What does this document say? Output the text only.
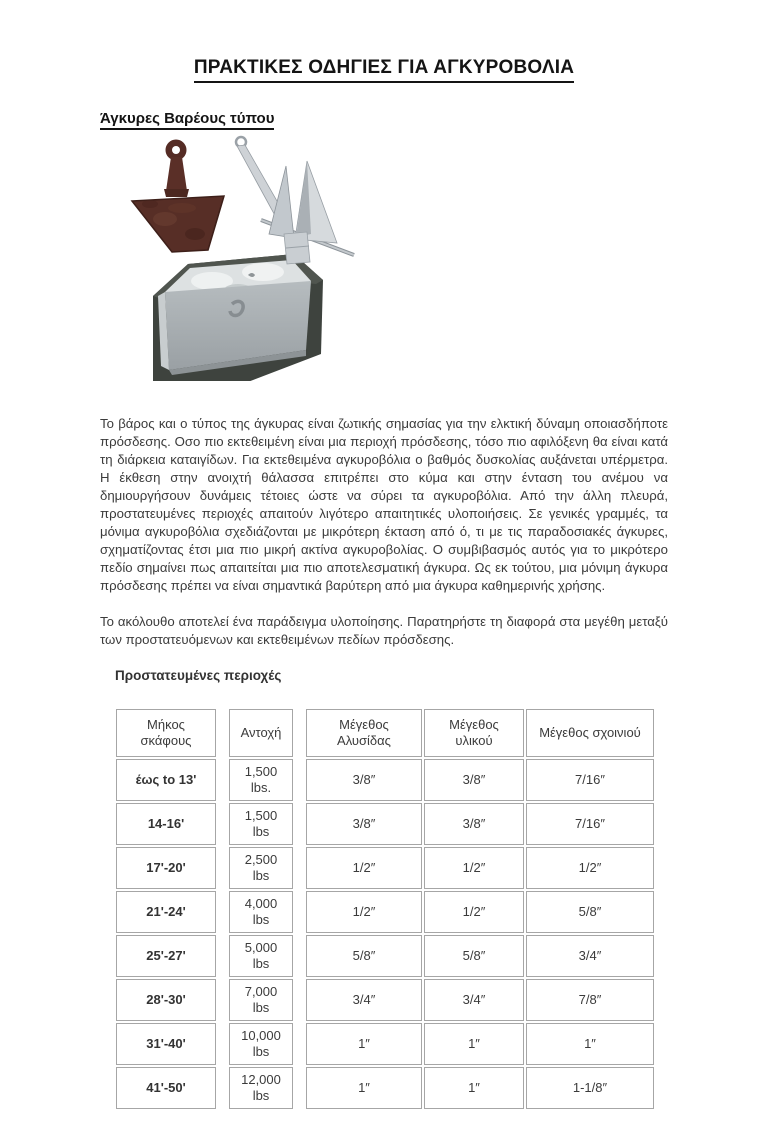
ΠΡΑΚΤΙΚΕΣ ΟΔΗΓΙΕΣ ΓΙΑ ΑΓΚΥΡΟΒΟΛΙΑ
Άγκυρες Βαρέους τύπου

Το βάρος και ο τύπος της άγκυρας είναι ζωτικής σημασίας για την ελκτική δύναμη οποιασδήποτε πρόσδεσης. Οσο πιο εκτεθειμένη είναι μια περιοχή πρόσδεσης, τόσο πιο αφιλόξενη θα είναι κατά τη διάρκεια καταιγίδων. Για εκτεθειμένα αγκυροβόλια ο βαθμός δυσκολίας αυξάνεται υπέρμετρα. Η έκθεση στην ανοιχτή θάλασσα επιτρέπει στο κύμα και στην ένταση του ανέμου να δημιουργήσουν δυνάμεις τέτοιες ώστε να σύρει τα αγκυροβόλια. Από την άλλη πλευρά, προστατευμένες περιοχές απαιτούν λιγότερο απαιτητικές υλοποιήσεις. Σε γενικές γραμμές, τα μόνιμα αγκυροβόλια σχεδιάζονται με μικρότερη έκταση από ό, τι με τις παραδοσιακές άγκυρες, σχηματίζοντας έτσι μια πιο μικρή ακτίνα αγκυροβολίας. Ο συμβιβασμός αυτός για το μικρότερο πεδίο σημαίνει πως απαιτείται μια πιο αποτελεσματική άγκυρα. Ως εκ τούτου, μια μόνιμη άγκυρα πρόσδεσης πρέπει να είναι σημαντικά βαρύτερη από μια άγκυρα καθημερινής χρήσης.

Το ακόλουθο αποτελεί ένα παράδειγμα υλοποίησης. Παρατηρήστε τη διαφορά στα μεγέθη μεταξύ των προστατευόμενων και εκτεθειμένων πεδίων πρόσδεσης.

Προστατευμένες περιοχές
Μήκος σκάφους		Αντοχή		Μέγεθος Αλυσίδας	Μέγεθος υλικού	Μέγεθος σχοινιού
έως to 13'		1,500 lbs.		3/8″	3/8″	7/16″
14-16'		1,500 lbs		3/8″	3/8″	7/16″
17'-20'		2,500 lbs		1/2″	1/2″	1/2″
21'-24'		4,000 lbs		1/2″	1/2″	5/8″
25'-27'		5,000 lbs		5/8″	5/8″	3/4″
28'-30'		7,000 lbs		3/4″	3/4″	7/8″
31'-40'		10,000 lbs		1″	1″	1″
41'-50'		12,000 lbs		1″	1″	1-1/8″
